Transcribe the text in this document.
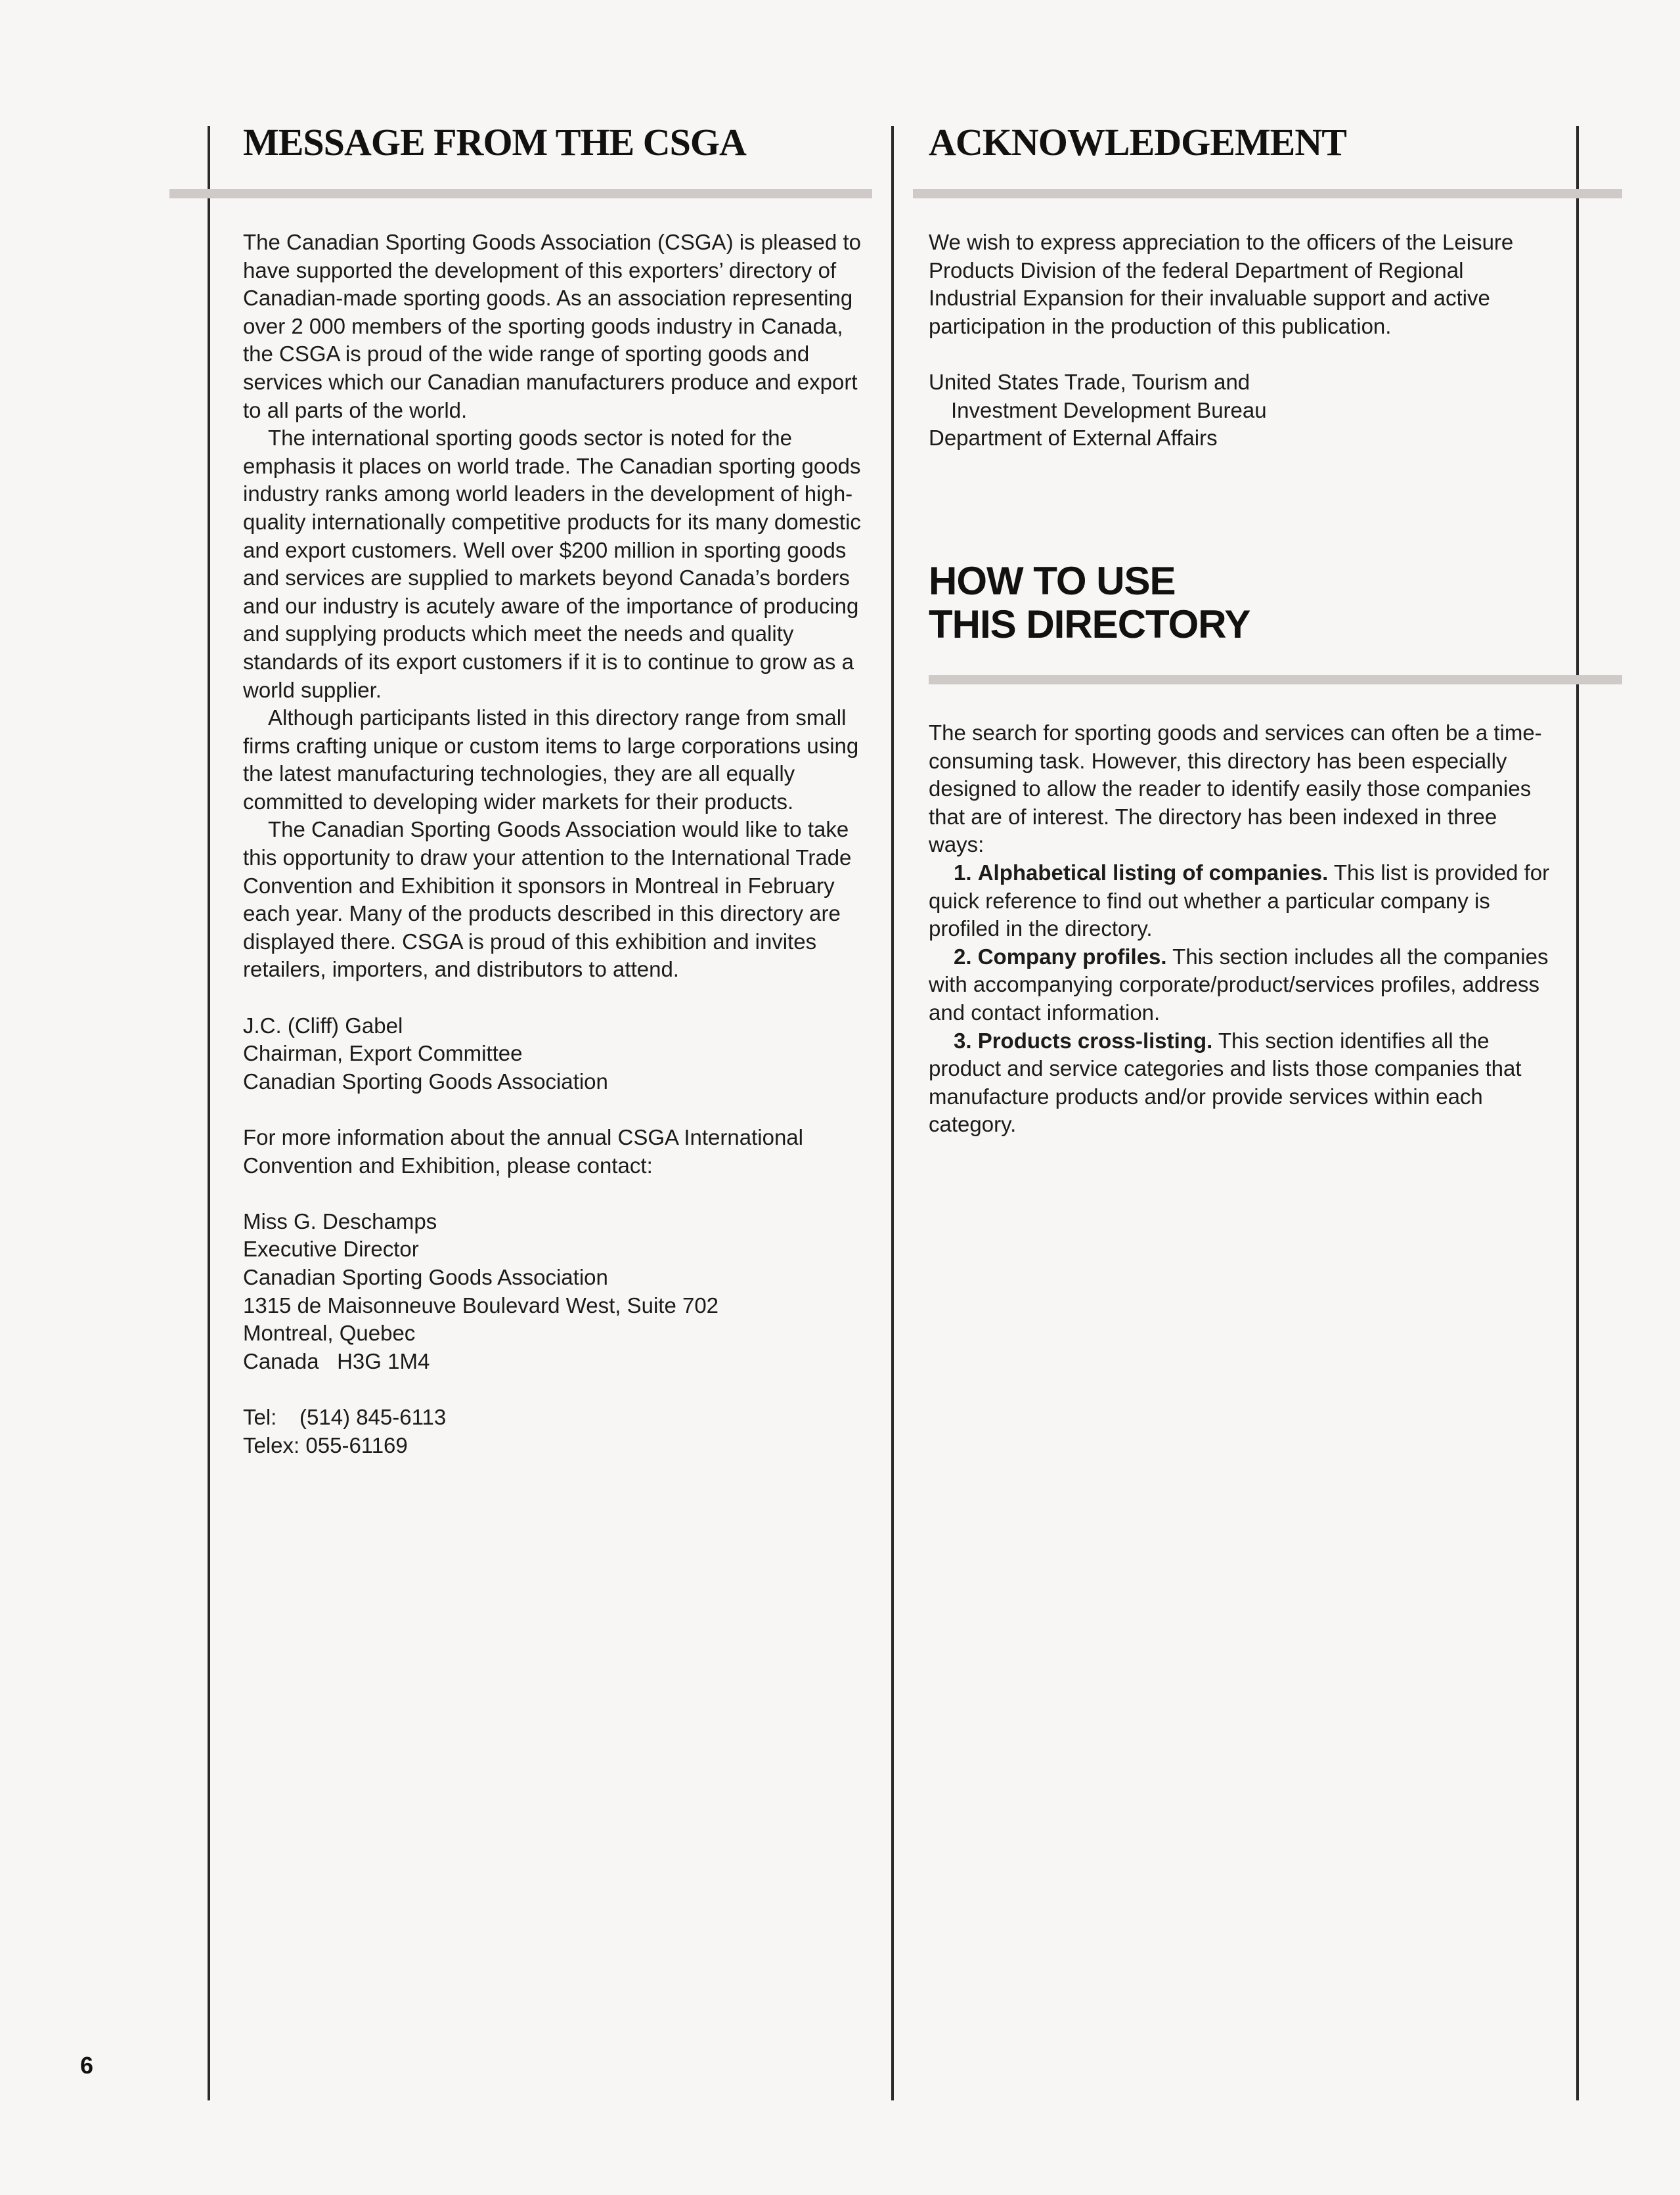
MESSAGE FROM THE CSGA

The Canadian Sporting Goods Association (CSGA) is pleased to have supported the development of this exporters’ directory of Canadian-made sporting goods. As an association representing over 2 000 members of the sporting goods industry in Canada, the CSGA is proud of the wide range of sporting goods and services which our Canadian manufacturers produce and export to all parts of the world.

The international sporting goods sector is noted for the emphasis it places on world trade. The Canadian sporting goods industry ranks among world leaders in the development of high-quality internationally competitive products for its many domestic and export customers. Well over $200 million in sporting goods and services are supplied to markets beyond Canada’s borders and our industry is acutely aware of the importance of producing and supplying products which meet the needs and quality standards of its export customers if it is to continue to grow as a world supplier.

Although participants listed in this directory range from small firms crafting unique or custom items to large corporations using the latest manufacturing technologies, they are all equally committed to developing wider markets for their products.

The Canadian Sporting Goods Association would like to take this opportunity to draw your attention to the International Trade Convention and Exhibition it sponsors in Montreal in February each year. Many of the products described in this directory are displayed there. CSGA is proud of this exhibition and invites retailers, importers, and distributors to attend.

J.C. (Cliff) Gabel

Chairman, Export Committee

Canadian Sporting Goods Association

For more information about the annual CSGA International Convention and Exhibition, please contact:

Miss G. Deschamps

Executive Director

Canadian Sporting Goods Association

1315 de Maisonneuve Boulevard West, Suite 702

Montreal, Quebec

Canada   H3G 1M4

Tel: (514) 845-6113

Telex: 055-61169

6
ACKNOWLEDGEMENT

We wish to express appreciation to the officers of the Leisure Products Division of the federal Department of Regional Industrial Expansion for their invaluable support and active participation in the production of this publication.

United States Trade, Tourism and

Investment Development Bureau

Department of External Affairs

HOW TO USE
THIS DIRECTORY

The search for sporting goods and services can often be a time-consuming task. However, this directory has been especially designed to allow the reader to identify easily those companies that are of interest. The directory has been indexed in three ways:

1. Alphabetical listing of companies. This list is provided for quick reference to find out whether a particular company is profiled in the directory.

2. Company profiles. This section includes all the companies with accompanying corporate/product/services profiles, address and contact information.

3. Products cross-listing. This section identifies all the product and service categories and lists those companies that manufacture products and/or provide services within each category.
